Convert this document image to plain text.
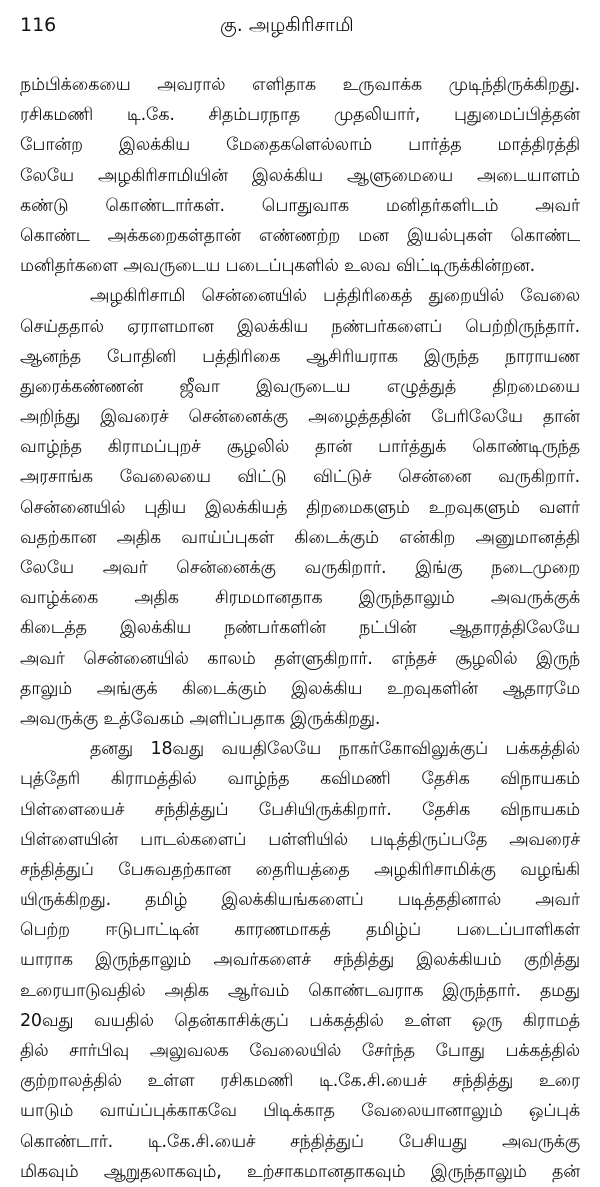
116	கு. அழகிரிசாமி
நம்பிக்கையை அவரால் எளிதாக உருவாக்க முடிந்திருக்கிறது.
ரசிகமணி டி.கே. சிதம்பரநாத முதலியார், புதுமைப்பித்தன்
போன்ற இலக்கிய மேதைகளெல்லாம் பார்த்த மாத்திரத்தி
லேயே அழகிரிசாமியின் இலக்கிய ஆளுமையை அடையாளம்
கண்டு கொண்டார்கள். பொதுவாக மனிதர்களிடம் அவர்
கொண்ட அக்கறைகள்தான் எண்ணற்ற மன இயல்புகள் கொண்ட
மனிதர்களை அவருடைய படைப்புகளில் உலவ விட்டிருக்கின்றன.
அழகிரிசாமி சென்னையில் பத்திரிகைத் துறையில் வேலை
செய்ததால் ஏராளமான இலக்கிய நண்பர்களைப் பெற்றிருந்தார்.
ஆனந்த போதினி பத்திரிகை ஆசிரியராக இருந்த நாராயண
துரைக்கண்ணன் ஜீவா இவருடைய எழுத்துத் திறமையை
அறிந்து இவரைச் சென்னைக்கு அழைத்ததின் பேரிலேயே தான்
வாழ்ந்த கிராமப்புறச் சூழலில் தான் பார்த்துக் கொண்டிருந்த
அரசாங்க வேலையை விட்டு விட்டுச் சென்னை வருகிறார்.
சென்னையில் புதிய இலக்கியத் திறமைகளும் உறவுகளும் வளர்
வதற்கான அதிக வாய்ப்புகள் கிடைக்கும் என்கிற அனுமானத்தி
லேயே அவர் சென்னைக்கு வருகிறார். இங்கு நடைமுறை
வாழ்க்கை அதிக சிரமமானதாக இருந்தாலும் அவருக்குக்
கிடைத்த இலக்கிய நண்பர்களின் நட்பின் ஆதாரத்திலேயே
அவர் சென்னையில் காலம் தள்ளுகிறார். எந்தச் சூழலில் இருந்
தாலும் அங்குக் கிடைக்கும் இலக்கிய உறவுகளின் ஆதாரமே
அவருக்கு உத்வேகம் அளிப்பதாக இருக்கிறது.
தனது 18வது வயதிலேயே நாகர்கோவிலுக்குப் பக்கத்தில்
புத்தேரி கிராமத்தில் வாழ்ந்த கவிமணி தேசிக விநாயகம்
பிள்ளையைச் சந்தித்துப் பேசியிருக்கிறார். தேசிக விநாயகம்
பிள்ளையின் பாடல்களைப் பள்ளியில் படித்திருப்பதே அவரைச்
சந்தித்துப் பேசுவதற்கான தைரியத்தை அழகிரிசாமிக்கு வழங்கி
யிருக்கிறது. தமிழ் இலக்கியங்களைப் படித்ததினால் அவர்
பெற்ற ஈடுபாட்டின் காரணமாகத் தமிழ்ப் படைப்பாளிகள்
யாராக இருந்தாலும் அவர்களைச் சந்தித்து இலக்கியம் குறித்து
உரையாடுவதில் அதிக ஆர்வம் கொண்டவராக இருந்தார். தமது
20வது வயதில் தென்காசிக்குப் பக்கத்தில் உள்ள ஒரு கிராமத்
தில் சார்பிவு அலுவலக வேலையில் சேர்ந்த போது பக்கத்தில்
குற்றாலத்தில் உள்ள ரசிகமணி டி.கே.சி.யைச் சந்தித்து உரை
யாடும் வாய்ப்புக்காகவே பிடிக்காத வேலையானாலும் ஒப்புக்
கொண்டார். டி.கே.சி.யைச் சந்தித்துப் பேசியது அவருக்கு
மிகவும் ஆறுதலாகவும், உற்சாகமானதாகவும் இருந்தாலும் தன்
